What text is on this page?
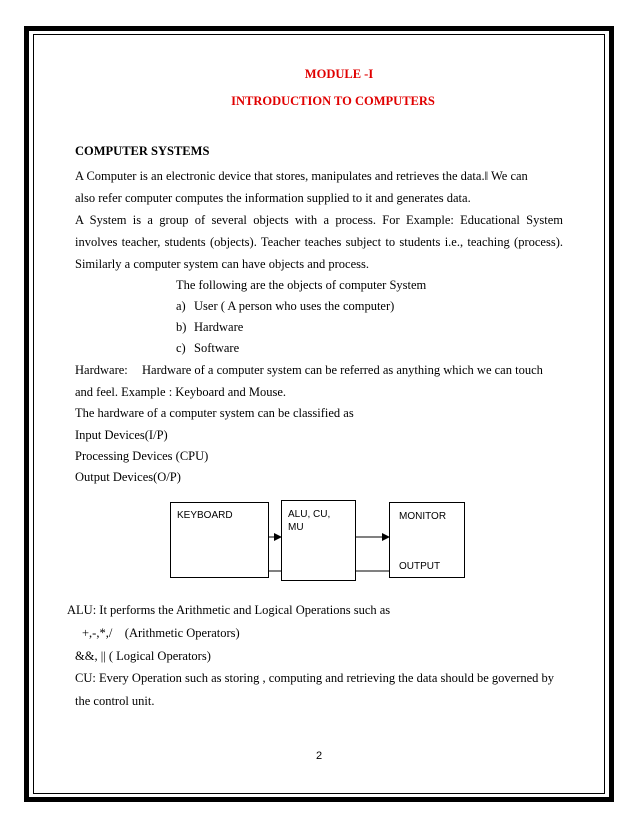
MODULE -I
INTRODUCTION TO COMPUTERS
COMPUTER SYSTEMS
A Computer is an electronic device that stores, manipulates and retrieves the data.‖ We can
also refer computer computes the information supplied to it and generates data.
A System is a group of several objects with a process. For Example: Educational System
involves teacher, students (objects). Teacher teaches subject to students i.e., teaching (process).
Similarly a computer system can have objects and process.
The following are the objects of computer System
a) User ( A person who uses the computer)
b) Hardware
c) Software
Hardware: Hardware of a computer system can be referred as anything which we can touch
and feel. Example : Keyboard and Mouse.
The hardware of a computer system can be classified as
Input Devices(I/P)
Processing Devices (CPU)
Output Devices(O/P)
KEYBOARD	ALU, CU,
MU
MONITOR
OUTPUT
ALU: It performs the Arithmetic and Logical Operations such as
+,-,*,/    (Arithmetic Operators)
&&, || ( Logical Operators)
CU: Every Operation such as storing , computing and retrieving the data should be governed by
the control unit.
2
